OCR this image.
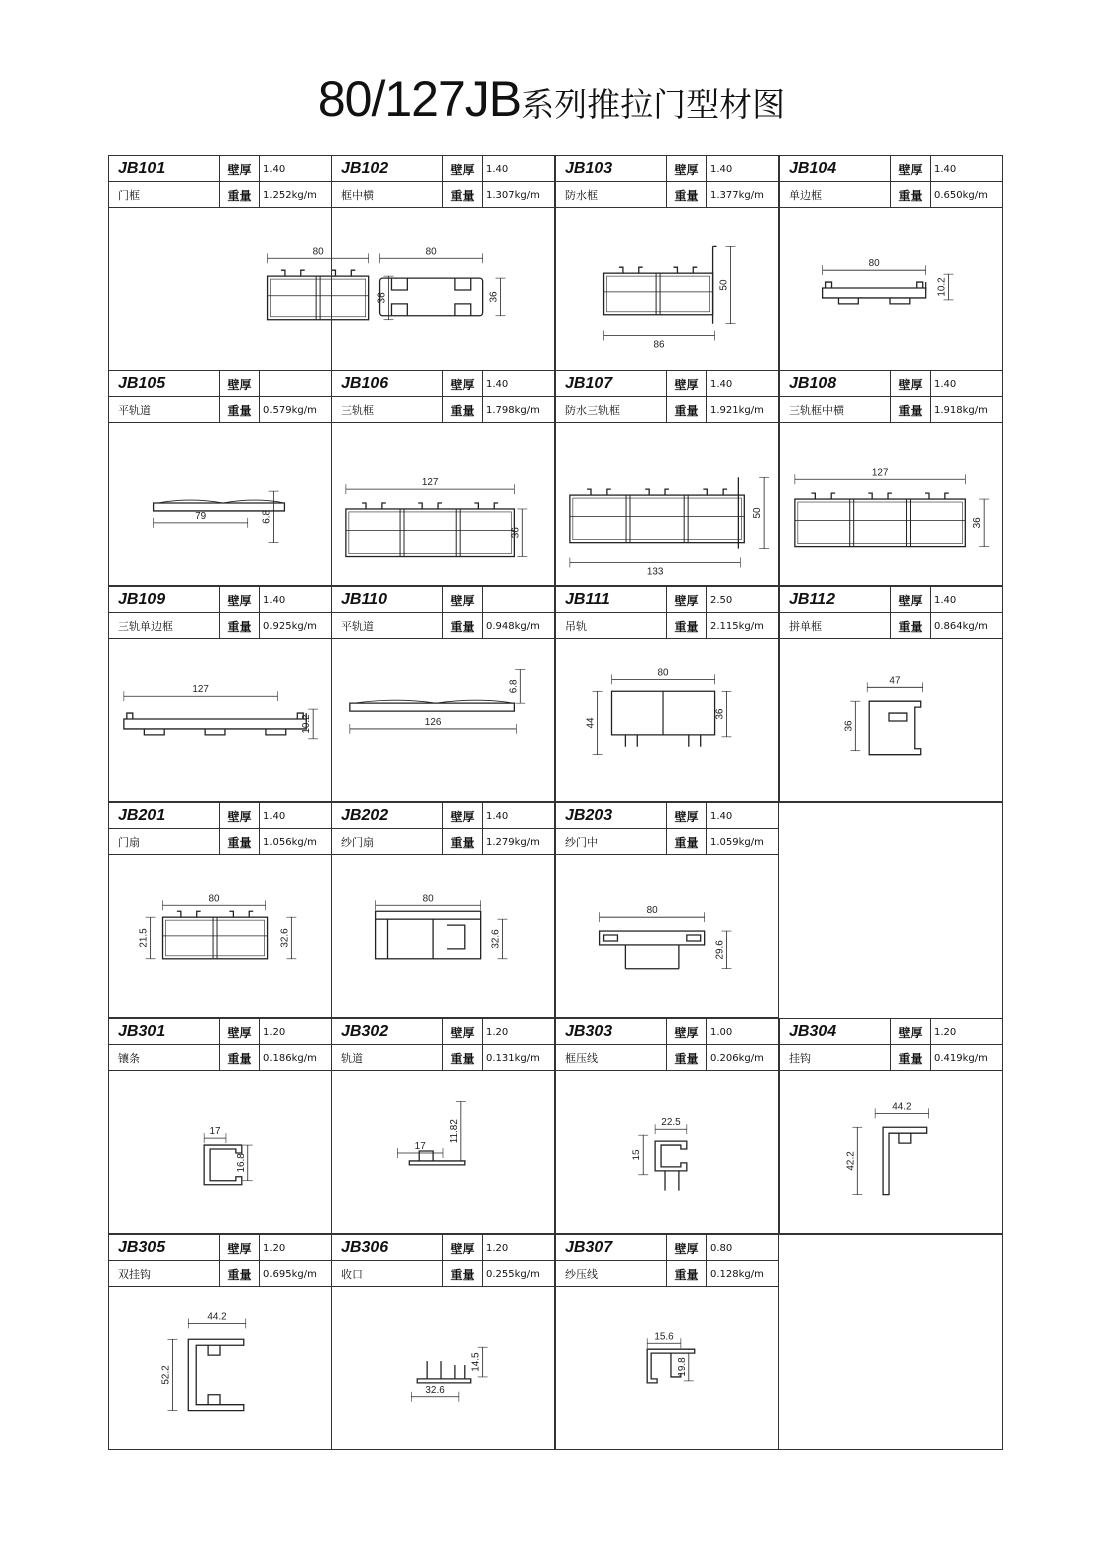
80/127JB系列推拉门型材图
JB101	壁厚	1.40
门框	重量	1.252kg/m
80
36
JB102	壁厚	1.40
框中横	重量	1.307kg/m
80
36
JB103	壁厚	1.40
防水框	重量	1.377kg/m
50
86
JB104	壁厚	1.40
单边框	重量	0.650kg/m
80
10.2
JB105	壁厚
平轨道	重量	0.579kg/m
79	6.8
JB106	壁厚	1.40
三轨框	重量	1.798kg/m
127
36
JB107	壁厚	1.40
防水三轨框	重量	1.921kg/m
50
133
JB108	壁厚	1.40
三轨框中横	重量	1.918kg/m
127
36
JB109	壁厚	1.40
三轨单边框	重量	0.925kg/m
127
10.2
JB110	壁厚
平轨道	重量	0.948kg/m
6.8
126
JB111	壁厚	2.50
吊轨	重量	2.115kg/m
80
44
36
JB112	壁厚	1.40
拼单框	重量	0.864kg/m
47
36
JB201	壁厚	1.40
门扇	重量	1.056kg/m
80
21.5	32.6
JB202	壁厚	1.40
纱门扇	重量	1.279kg/m
80
32.6
JB203	壁厚	1.40
纱门中	重量	1.059kg/m
80
29.6
JB301	壁厚	1.20
镶条	重量	0.186kg/m
17
16.8
JB302	壁厚	1.20
轨道	重量	0.131kg/m
11.82
17
JB303	壁厚	1.00
框压线	重量	0.206kg/m
22.5
15
JB304	壁厚	1.20
挂钩	重量	0.419kg/m
44.2
42.2
JB305	壁厚	1.20
双挂钩	重量	0.695kg/m
44.2
52.2
JB306	壁厚	1.20
收口	重量	0.255kg/m
14.5
32.6
JB307	壁厚	0.80
纱压线	重量	0.128kg/m
15.6
19.8
